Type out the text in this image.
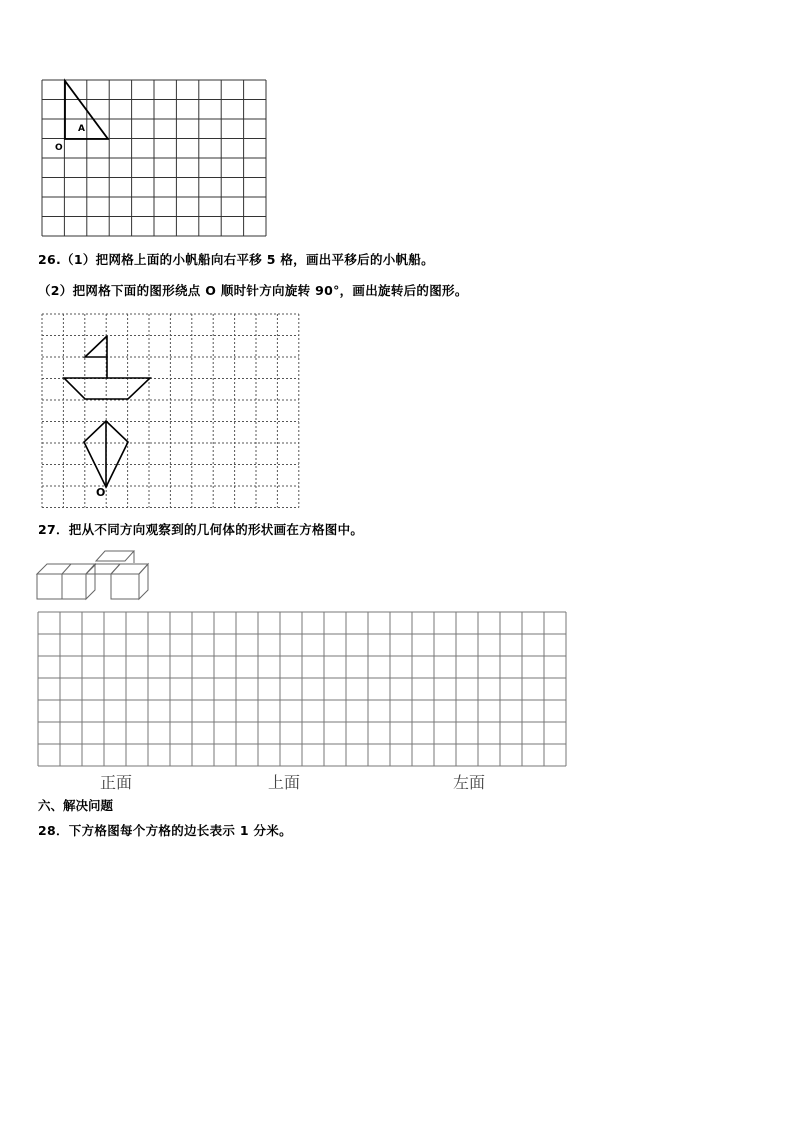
A
O
26.（1）把网格上面的小帆船向右平移 5 格，画出平移后的小帆船。
（2）把网格下面的图形绕点 O 顺时针方向旋转 90°，画出旋转后的图形。
O
27．把从不同方向观察到的几何体的形状画在方格图中。
正面	上面	左面
六、解决问题
28．下方格图每个方格的边长表示 1 分米。
